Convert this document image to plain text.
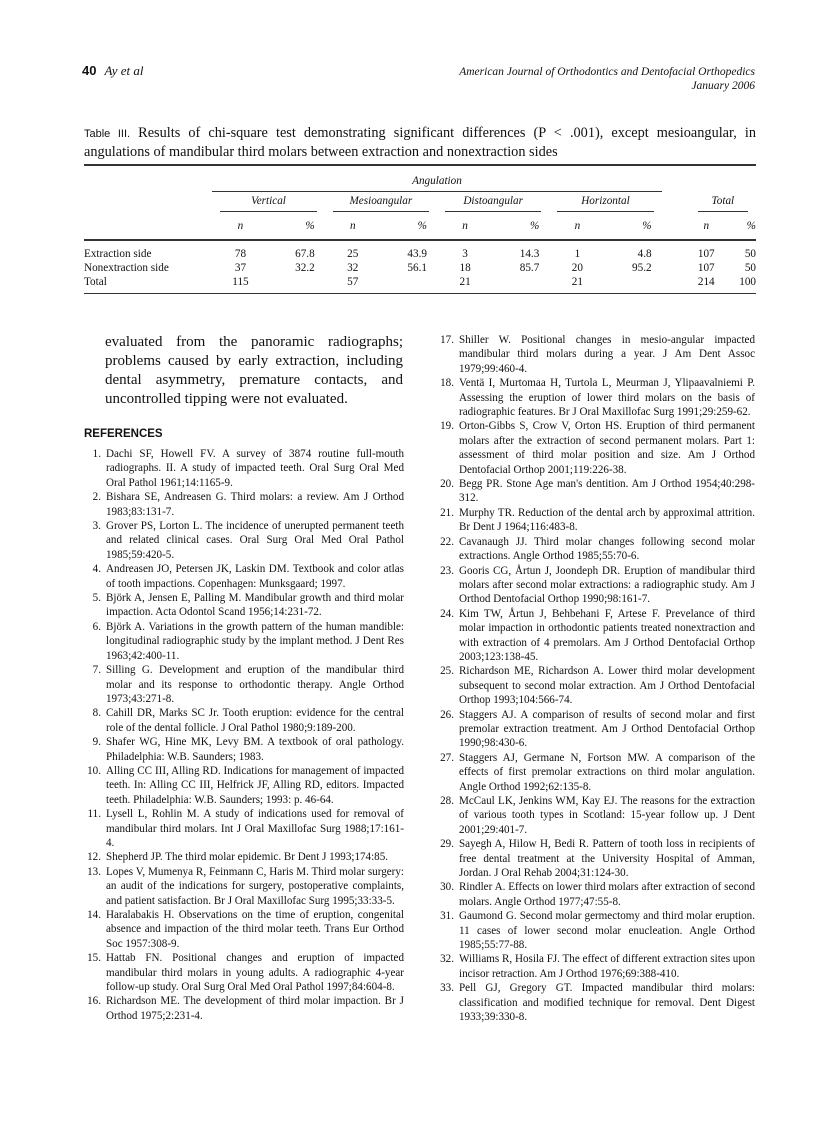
40 Ay et al	American Journal of Orthodontics and Dentofacial Orthopedics
January 2006
Table III. Results of chi-square test demonstrating significant differences (P < .001), except mesioangular, in angulations of mandibular third molars between extraction and nonextraction sides

	Angulation										

	Vertical		Mesioangular		Distoangular		Horizontal			Total	

	n	%	n	%	n	%	n	%		n	%

Extraction side	78	67.8	25	43.9	3	14.3	1	4.8		107	50
Nonextraction side	37	32.2	32	56.1	18	85.7	20	95.2		107	50
Total	115		57		21		21			214	100

evaluated from the panoramic radiographs; problems caused by early extraction, including dental asymmetry, premature contacts, and uncontrolled tipping were not evaluated.
REFERENCES
1. Dachi SF, Howell FV. A survey of 3874 routine full-mouth radiographs. II. A study of impacted teeth. Oral Surg Oral Med Oral Pathol 1961;14:1165-9.
2. Bishara SE, Andreasen G. Third molars: a review. Am J Orthod 1983;83:131-7.
3. Grover PS, Lorton L. The incidence of unerupted permanent teeth and related clinical cases. Oral Surg Oral Med Oral Pathol 1985;59:420-5.
4. Andreasen JO, Petersen JK, Laskin DM. Textbook and color atlas of tooth impactions. Copenhagen: Munksgaard; 1997.
5. Björk A, Jensen E, Palling M. Mandibular growth and third molar impaction. Acta Odontol Scand 1956;14:231-72.
6. Björk A. Variations in the growth pattern of the human mandible: longitudinal radiographic study by the implant method. J Dent Res 1963;42:400-11.
7. Silling G. Development and eruption of the mandibular third molar and its response to orthodontic therapy. Angle Orthod 1973;43:271-8.
8. Cahill DR, Marks SC Jr. Tooth eruption: evidence for the central role of the dental follicle. J Oral Pathol 1980;9:189-200.
9. Shafer WG, Hine MK, Levy BM. A textbook of oral pathology. Philadelphia: W.B. Saunders; 1983.
10. Alling CC III, Alling RD. Indications for management of impacted teeth. In: Alling CC III, Helfrick JF, Alling RD, editors. Impacted teeth. Philadelphia: W.B. Saunders; 1993: p. 46-64.
11. Lysell L, Rohlin M. A study of indications used for removal of mandibular third molars. Int J Oral Maxillofac Surg 1988;17:161-4.
12. Shepherd JP. The third molar epidemic. Br Dent J 1993;174:85.
13. Lopes V, Mumenya R, Feinmann C, Haris M. Third molar surgery: an audit of the indications for surgery, postoperative complaints, and patient satisfaction. Br J Oral Maxillofac Surg 1995;33:33-5.
14. Haralabakis H. Observations on the time of eruption, congenital absence and impaction of the third molar teeth. Trans Eur Orthod Soc 1957:308-9.
15. Hattab FN. Positional changes and eruption of impacted mandibular third molars in young adults. A radiographic 4-year follow-up study. Oral Surg Oral Med Oral Pathol 1997;84:604-8.
16. Richardson ME. The development of third molar impaction. Br J Orthod 1975;2:231-4.
17. Shiller W. Positional changes in mesio-angular impacted mandibular third molars during a year. J Am Dent Assoc 1979;99:460-4.
18. Ventä I, Murtomaa H, Turtola L, Meurman J, Ylipaavalniemi P. Assessing the eruption of lower third molars on the basis of radiographic features. Br J Oral Maxillofac Surg 1991;29:259-62.
19. Orton-Gibbs S, Crow V, Orton HS. Eruption of third permanent molars after the extraction of second permanent molars. Part 1: assessment of third molar position and size. Am J Orthod Dentofacial Orthop 2001;119:226-38.
20. Begg PR. Stone Age man's dentition. Am J Orthod 1954;40:298-312.
21. Murphy TR. Reduction of the dental arch by approximal attrition. Br Dent J 1964;116:483-8.
22. Cavanaugh JJ. Third molar changes following second molar extractions. Angle Orthod 1985;55:70-6.
23. Gooris CG, Årtun J, Joondeph DR. Eruption of mandibular third molars after second molar extractions: a radiographic study. Am J Orthod Dentofacial Orthop 1990;98:161-7.
24. Kim TW, Årtun J, Behbehani F, Artese F. Prevelance of third molar impaction in orthodontic patients treated nonextraction and with extraction of 4 premolars. Am J Orthod Dentofacial Orthop 2003;123:138-45.
25. Richardson ME, Richardson A. Lower third molar development subsequent to second molar extraction. Am J Orthod Dentofacial Orthop 1993;104:566-74.
26. Staggers AJ. A comparison of results of second molar and first premolar extraction treatment. Am J Orthod Dentofacial Orthop 1990;98:430-6.
27. Staggers AJ, Germane N, Fortson MW. A comparison of the effects of first premolar extractions on third molar angulation. Angle Orthod 1992;62:135-8.
28. McCaul LK, Jenkins WM, Kay EJ. The reasons for the extraction of various tooth types in Scotland: 15-year follow up. J Dent 2001;29:401-7.
29. Sayegh A, Hilow H, Bedi R. Pattern of tooth loss in recipients of free dental treatment at the University Hospital of Amman, Jordan. J Oral Rehab 2004;31:124-30.
30. Rindler A. Effects on lower third molars after extraction of second molars. Angle Orthod 1977;47:55-8.
31. Gaumond G. Second molar germectomy and third molar eruption. 11 cases of lower second molar enucleation. Angle Orthod 1985;55:77-88.
32. Williams R, Hosila FJ. The effect of different extraction sites upon incisor retraction. Am J Orthod 1976;69:388-410.
33. Pell GJ, Gregory GT. Impacted mandibular third molars: classification and modified technique for removal. Dent Digest 1933;39:330-8.
